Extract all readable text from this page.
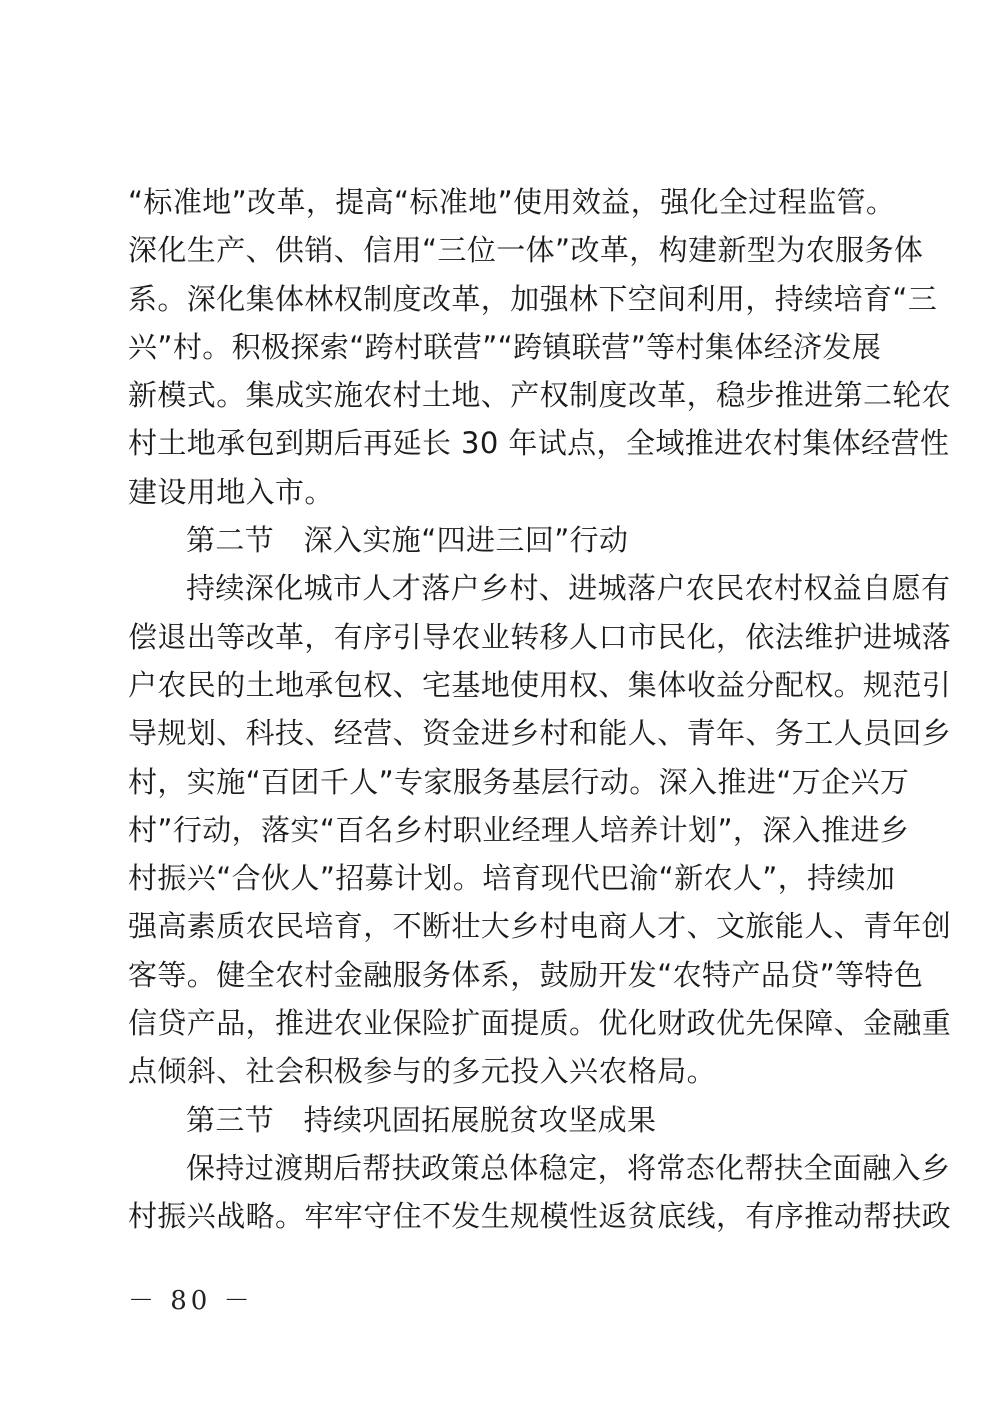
“标准地”改革，提高“标准地”使用效益，强化全过程监管。
深化生产、供销、信用“三位一体”改革，构建新型为农服务体
系。深化集体林权制度改革，加强林下空间利用，持续培育“三
兴”村。积极探索“跨村联营”“跨镇联营”等村集体经济发展
新模式。集成实施农村土地、产权制度改革，稳步推进第二轮农
村土地承包到期后再延长 30 年试点，全域推进农村集体经营性
建设用地入市。
第二节　深入实施“四进三回”行动
持续深化城市人才落户乡村、进城落户农民农村权益自愿有
偿退出等改革，有序引导农业转移人口市民化，依法维护进城落
户农民的土地承包权、宅基地使用权、集体收益分配权。规范引
导规划、科技、经营、资金进乡村和能人、青年、务工人员回乡
村，实施“百团千人”专家服务基层行动。深入推进“万企兴万
村”行动，落实“百名乡村职业经理人培养计划”，深入推进乡
村振兴“合伙人”招募计划。培育现代巴渝“新农人”，持续加
强高素质农民培育，不断壮大乡村电商人才、文旅能人、青年创
客等。健全农村金融服务体系，鼓励开发“农特产品贷”等特色
信贷产品，推进农业保险扩面提质。优化财政优先保障、金融重
点倾斜、社会积极参与的多元投入兴农格局。
第三节　持续巩固拓展脱贫攻坚成果
保持过渡期后帮扶政策总体稳定，将常态化帮扶全面融入乡
村振兴战略。牢牢守住不发生规模性返贫底线，有序推动帮扶政
－ 80 －
